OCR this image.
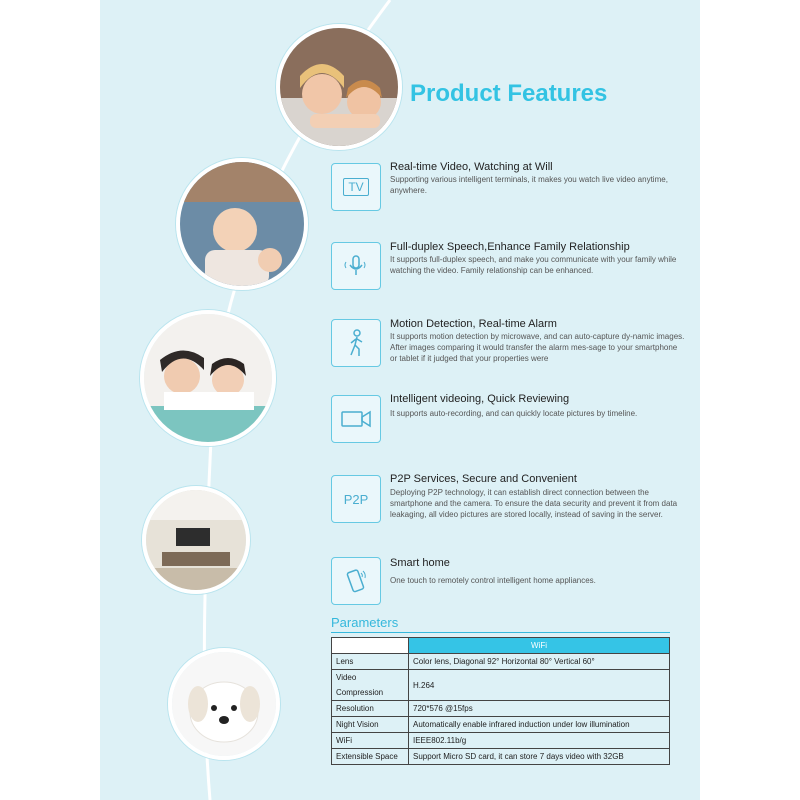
Product Features
TV
Real-time Video, Watching at Will

Supporting various intelligent terminals, it makes you watch live video anytime, anywhere.

Full-duplex Speech,Enhance Family Relationship

It supports full-duplex speech, and make you communicate with your family while watching the video. Family relationship can be enhanced.

Motion Detection, Real-time Alarm

It supports motion detection by microwave, and can auto-capture dy-namic images. After images comparing it would transfer the alarm mes-sage to your smartphone or tablet if it judged that your properties were

Intelligent videoing, Quick Reviewing

It supports auto-recording, and can quickly locate pictures by timeline.

P2P
P2P Services, Secure and Convenient

Deploying P2P technology, it can establish direct connection between the smartphone and the camera. To ensure the data security and prevent it from data leakaging, all video pictures are stored locally, instead of saving in the server.

Smart home

One touch to remotely control intelligent home appliances.

Parameters
	WiFi
Lens	Color lens, Diagonal 92° Horizontal 80° Vertical 60°
Video Compression	H.264
Resolution	720*576 @15fps
Night Vision	Automatically enable infrared induction under low illumination
WiFi	IEEE802.11b/g
Extensible Space	Support Micro SD card, it can store 7 days video with 32GB
